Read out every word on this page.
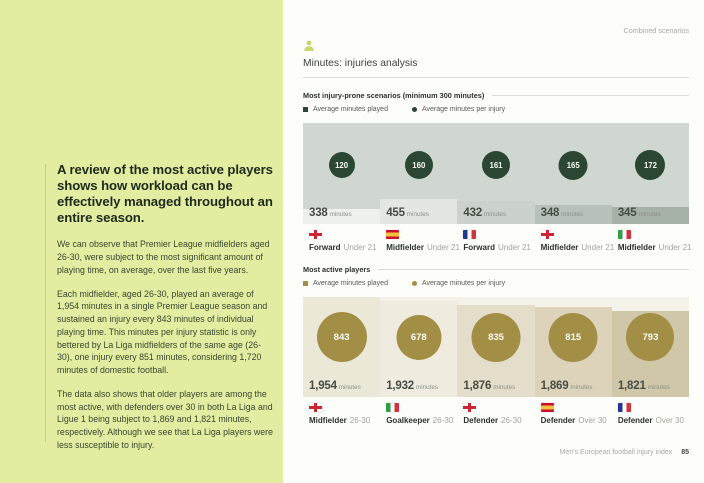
A review of the most active players shows how workload can be effectively managed throughout an entire season.
We can observe that Premier League midfielders aged 26-30, were subject to the most significant amount of playing time, on average, over the last five years.
Each midfielder, aged 26-30, played an average of 1,954 minutes in a single Premier League season and sustained an injury every 843 minutes of individual playing time. This minutes per injury statistic is only bettered by La Liga midfielders of the same age (26-30), one injury every 851 minutes, considering 1,720 minutes of domestic football.
The data also shows that older players are among the most active, with defenders over 30 in both La Liga and Ligue 1 being subject to 1,869 and 1,821 minutes, respectively. Although we see that La Liga players were less susceptible to injury.
Combined scenarios
Minutes: injuries analysis
Most injury-prone scenarios (minimum 300 minutes)
Average minutes played	Average minutes per injury
120
338 minutes
160
455 minutes
161
432 minutes
165
348 minutes
172
345 minutes
Forward Under 21	Midfielder Under 21 Forward Under 21	Midfielder Under 21 Midfielder Under 21
Most active players
Average minutes played	Average minutes per injury
843
1,954 minutes
678
1,932 minutes
835
1,876 minutes
815
1,869 minutes
793
1,821 minutes
Midfielder 26-30	Goalkeeper 26-30	Defender 26-30	Defender Over 30	Defender Over 30
Men's European football injury index 85
